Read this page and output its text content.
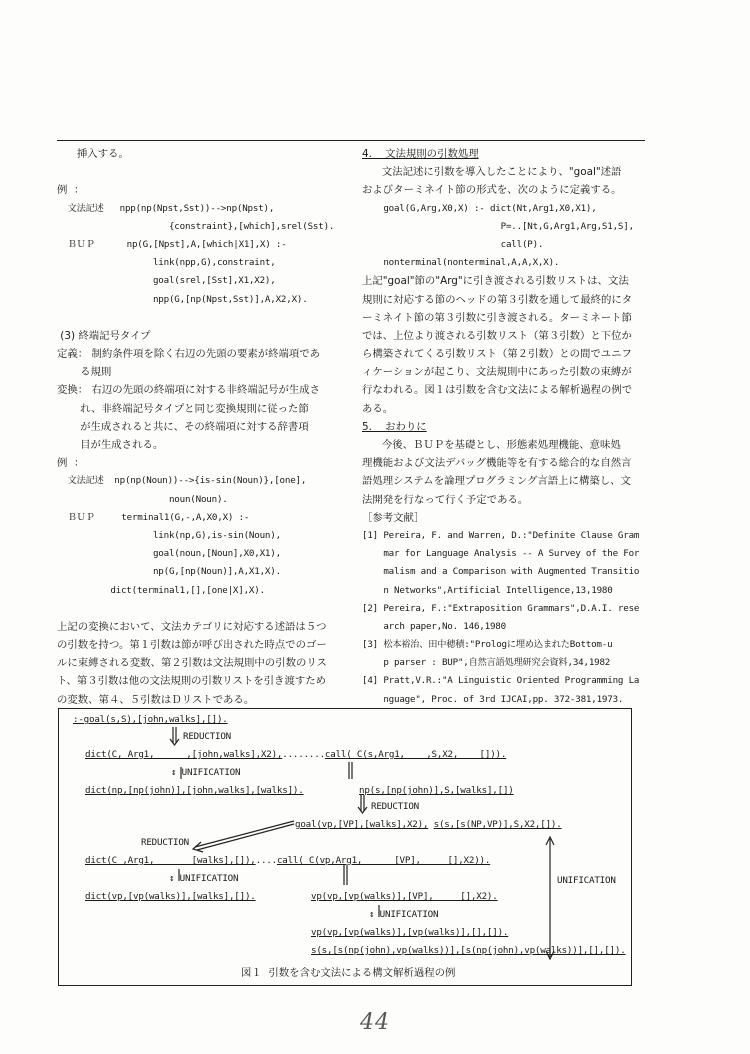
挿入する。
例  ：
文法記述   npp(np(Npst,Sst))-->np(Npst),
{constraint},[which],srel(Sst).
ＢＵＰ      np(G,[Npst],A,[which|X1],X) :-
link(npp,G),constraint,
goal(srel,[Sst],X1,X2),
npp(G,[np(Npst,Sst)],A,X2,X).
(3) 終端記号タイプ
定義： 制約条件項を除く右辺の先頭の要素が終端項であ
る規則
変換： 右辺の先頭の終端項に対する非終端記号が生成さ
れ、非終端記号タイプと同じ変換規則に従った節
が生成されると共に、その終端項に対する辞書項
目が生成される。
例  ：
文法記述  np(np(Noun))-->{is-sin(Noun)},[one],
noun(Noun).
ＢＵＰ     terminal1(G,-,A,X0,X) :-
link(np,G),is-sin(Noun),
goal(noun,[Noun],X0,X1),
np(G,[np(Noun)],A,X1,X).
dict(terminal1,[],[one|X],X).
上記の変換において、文法カテゴリに対応する述語は５つ
の引数を持つ。第１引数は節が呼び出された時点でのゴー
ルに束縛される変数、第２引数は文法規則中の引数のリス
ト、第３引数は他の文法規則の引数リストを引き渡すため
の変数、第４、５引数はＤリストである。
4.    文法規則の引数処理
文法記述に引数を導入したことにより、"goal"述語
およびターミネイト節の形式を、次のように定義する。
goal(G,Arg,X0,X) :- dict(Nt,Arg1,X0,X1),
P=..[Nt,G,Arg1,Arg,S1,S],
call(P).
nonterminal(nonterminal,A,A,X,X).
上記"goal"節の"Arg"に引き渡される引数リストは、文法
規則に対応する節のヘッドの第３引数を通して最終的にタ
ーミネイト節の第３引数に引き渡される。ターミネート節
では、上位より渡される引数リスト（第３引数）と下位か
ら構築されてくる引数リスト（第２引数）との間でユニフ
ィケーションが起こり、文法規則中にあった引数の束縛が
行なわれる。図１は引数を含む文法による解析過程の例で
ある。
5.    おわりに
今後、ＢＵＰを基礎とし、形態素処理機能、意味処
理機能および文法デバッグ機能等を有する総合的な自然言
語処理システムを論理プログラミング言語上に構築し、文
法開発を行なって行く予定である。
［参考文献］
[1] Pereira, F. and Warren, D.:"Definite Clause Gram
mar for Language Analysis -- A Survey of the For
malism and a Comparison with Augmented Transitio
n Networks",Artificial Intelligence,13,1980
[2] Pereira, F.:"Extraposition Grammars",D.A.I. rese
arch paper,No. 146,1980
[3] 松本裕治、田中穂積:"Prologに埋め込まれたBottom-u
p parser : BUP",自然言語処理研究会資料,34,1982
[4] Pratt,V.R.:"A Linguistic Oriented Programming La
nguage", Proc. of 3rd IJCAI,pp. 372-381,1973.
:-goal(s,S),[john,walks],[]).
REDUCTION
dict(C, Arg1,      ,[john,walks],X2),........call( C(s,Arg1,    ,S,X2,    [])).
↕ UNIFICATION
dict(np,[np(john)],[john,walks],[walks]).	np(s,[np(john)],S,[walks],[])
REDUCTION
goal(vp,[VP],[walks],X2), s(s,[s(NP,VP)],S,X2,[]).
REDUCTION
dict(C ,Arg1,       [walks],[]),....call( C(vp,Arg1,      [VP],     [],X2)).
↕ UNIFICATION	UNIFICATION
dict(vp,[vp(walks)],[walks],[]).	vp(vp,[vp(walks)],[VP],     [],X2).
↕ UNIFICATION
vp(vp,[vp(walks)],[vp(walks)],[],[]).
s(s,[s(np(john),vp(walks))],[s(np(john),vp(walks))],[],[]).
図１  引数を含む文法による構文解析過程の例
44
